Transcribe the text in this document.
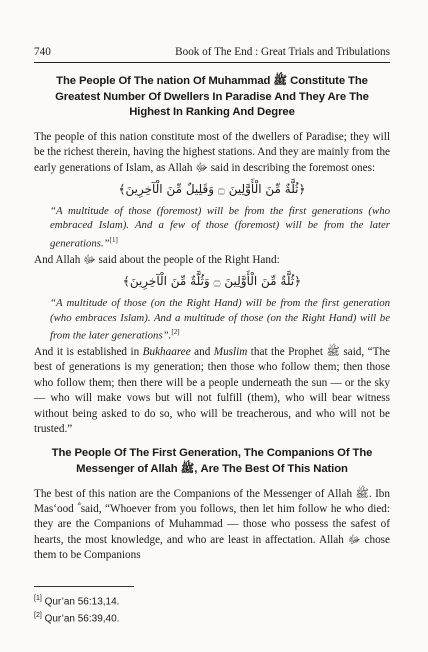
740	Book of The End : Great Trials and Tribulations

The People Of The nation Of Muhammad ﷺ Constitute The Greatest Number Of Dwellers In Paradise And They Are The Highest In Ranking And Degree

The people of this nation constitute most of the dwellers of Paradise; they will be the richest therein, having the highest stations. And they are mainly from the early generations of Islam, as Allah ﷻ said in describing the foremost ones:

﴿ثُلَّةٌ مِّنَ الْأَوَّلِينَ ۝ وَقَلِيلٌ مِّنَ الْآخِرِينَ﴾

“A multitude of those (foremost) will be from the first generations (who embraced Islam). And a few of those (foremost) will be from the later generations.”[1]

And Allah ﷻ said about the people of the Right Hand:

﴿ثُلَّةٌ مِّنَ الْأَوَّلِينَ ۝ وَثُلَّةٌ مِّنَ الْآخِرِينَ﴾

“A multitude of those (on the Right Hand) will be from the first generation (who embraces Islam). And a multitude of those (on the Right Hand) will be from the later generations”.[2]

And it is established in Bukhaaree and Muslim that the Prophet ﷺ said, “The best of generations is my generation; then those who follow them; then those who follow them; then there will be a people underneath the sun — or the sky — who will make vows but will not fulfill (them), who will bear witness without being asked to do so, who will be treacherous, and who will not be trusted.”

The People Of The First Generation, The Companions Of The Messenger of Allah ﷺ, Are The Best Of This Nation

The best of this nation are the Companions of the Messenger of Allah ﷺ. Ibn Mas‘ood ؓ said, “Whoever from you follows, then let him follow he who died: they are the Companions of Muhammad — those who possess the safest of hearts, the most knowledge, and who are least in affectation. Allah ﷻ chose them to be Companions

[1] Qur’an 56:13,14.
[2] Qur’an 56:39,40.
